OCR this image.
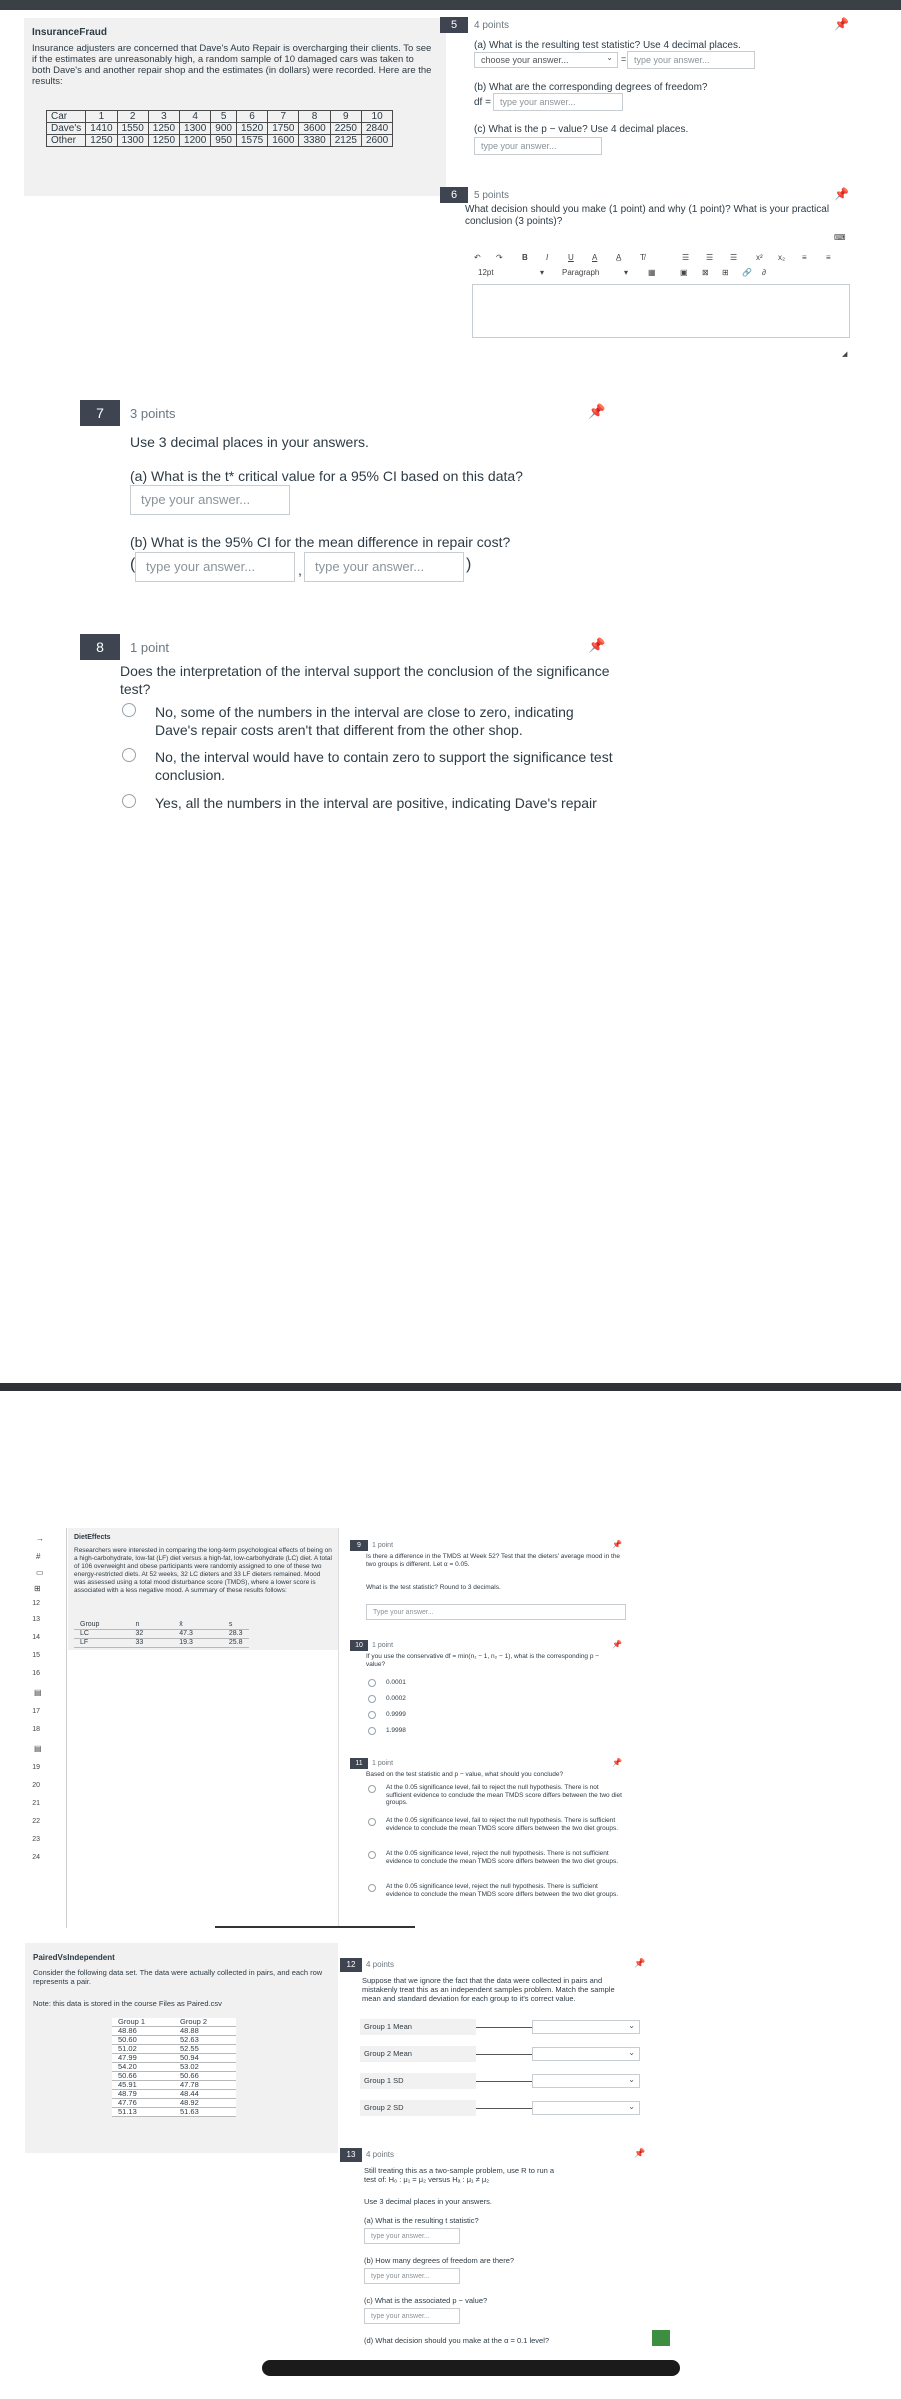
InsuranceFraud
Insurance adjusters are concerned that Dave's Auto Repair is overcharging their clients. To see if the estimates are unreasonably high, a random sample of 10 damaged cars was taken to both Dave's and another repair shop and the estimates (in dollars) were recorded. Here are the results:
Car	1	2	3	4	5	6	7	8	9	10
Dave's	1410	1550	1250	1300	900	1520	1750	3600	2250	2840
Other	1250	1300	1250	1200	950	1575	1600	3380	2125	2600
5	4 points	📌
(a) What is the resulting test statistic? Use 4 decimal places.
choose your answer...	⌄ = type your answer...
(b) What are the corresponding degrees of freedom?
df =	type your answer...
(c) What is the p − value? Use 4 decimal places.
type your answer...
6	5 points	📌
What decision should you make (1 point) and why (1 point)? What is your practical conclusion (3 points)?
⌨
↶ ↷ B I U A A̲ T̸	☰ ☰ ☰ x² x₂ ≡ ≡
12pt	▾ Paragraph	▾ ▦	▣ ⊠ ⊞ 🔗 ∂
◢
7	3 points	📌
Use 3 decimal places in your answers.
(a) What is the t* critical value for a 95% CI based on this data?
type your answer...
(b) What is the 95% CI for the mean difference in repair cost?
( type your answer...	,	type your answer...	)
8	1 point	📌
Does the interpretation of the interval support the conclusion of the significance test?
No, some of the numbers in the interval are close to zero, indicating Dave's repair costs aren't that different from the other shop.
No, the interval would have to contain zero to support the significance test conclusion.
Yes, all the numbers in the interval are positive, indicating Dave's repair
→
#
▭
⊞
12
13
14
15
16
▤
17
18
▤
19
20
21
22
23
24
DietEffects
Researchers were interested in comparing the long-term psychological effects of being on a high-carbohydrate, low-fat (LF) diet versus a high-fat, low-carbohydrate (LC) diet. A total of 106 overweight and obese participants were randomly assigned to one of these two energy-restricted diets. At 52 weeks, 32 LC dieters and 33 LF dieters remained. Mood was assessed using a total mood disturbance score (TMDS), where a lower score is associated with a less negative mood. A summary of these results follows:
Group	n	x̄	s
LC	32	47.3	28.3
LF	33	19.3	25.8
9	1 point	📌
Is there a difference in the TMDS at Week 52? Test that the dieters' average mood in the two groups is different. Let α = 0.05.
What is the test statistic? Round to 3 decimals.
Type your answer...
10	1 point	📌
If you use the conservative df = min(n₁ − 1, n₂ − 1), what is the corresponding p − value?
0.0001
0.0002
0.9999
1.9998
11	1 point	📌
Based on the test statistic and p − value, what should you conclude?
At the 0.05 significance level, fail to reject the null hypothesis. There is not sufficient evidence to conclude the mean TMDS score differs between the two diet groups.
At the 0.05 significance level, fail to reject the null hypothesis. There is sufficient evidence to conclude the mean TMDS score differs between the two diet groups.
At the 0.05 significance level, reject the null hypothesis. There is not sufficient evidence to conclude the mean TMDS score differs between the two diet groups.
At the 0.05 significance level, reject the null hypothesis. There is sufficient evidence to conclude the mean TMDS score differs between the two diet groups.
PairedVsIndependent
Consider the following data set. The data were actually collected in pairs, and each row represents a pair.
Note: this data is stored in the course Files as Paired.csv
Group 1	Group 2
48.86	48.88
50.60	52.63
51.02	52.55
47.99	50.94
54.20	53.02
50.66	50.66
45.91	47.78
48.79	48.44
47.76	48.92
51.13	51.63
12	4 points	📌
Suppose that we ignore the fact that the data were collected in pairs and mistakenly treat this as an independent samples problem. Match the sample mean and standard deviation for each group to it's correct value.
Group 1 Mean	⌄
Group 2 Mean	⌄
Group 1 SD	⌄
Group 2 SD	⌄
13	4 points	📌
Still treating this as a two-sample problem, use R to run a test of: H₀ : μ₁ = μ₂ versus Hₐ : μ₁ ≠ μ₂
Use 3 decimal places in your answers.
(a) What is the resulting t statistic?
type your answer...
(b) How many degrees of freedom are there?
type your answer...
(c) What is the associated p − value?
type your answer...
(d) What decision should you make at the α = 0.1 level?
